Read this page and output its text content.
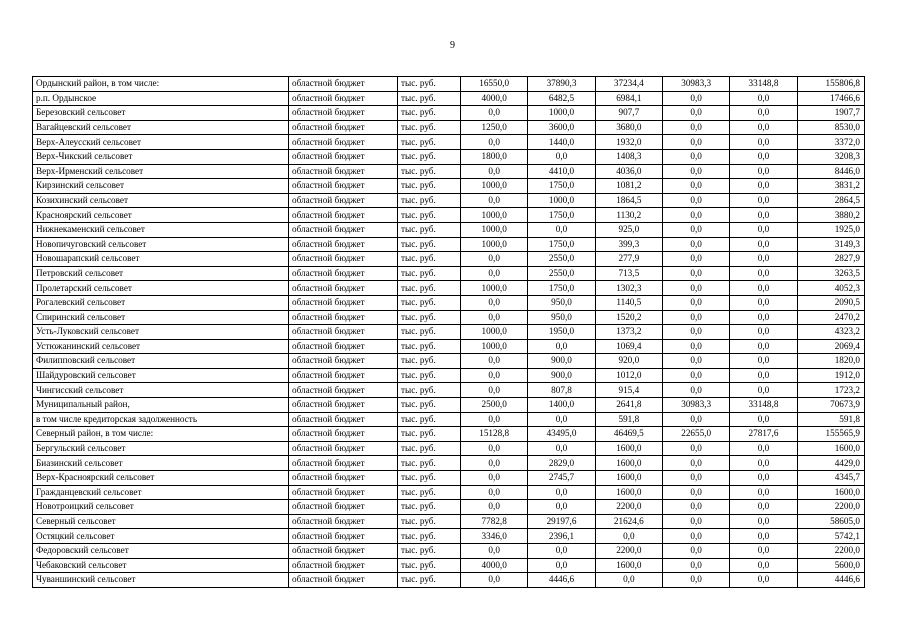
9
Ордынский район, в том числе:	областной бюджет	тыс. руб.	16550,0	37890,3	37234,4	30983,3	33148,8	155806,8
р.п. Ордынское	областной бюджет	тыс. руб.	4000,0	6482,5	6984,1	0,0	0,0	17466,6
Березовский сельсовет	областной бюджет	тыс. руб.	0,0	1000,0	907,7	0,0	0,0	1907,7
Вагайцевский сельсовет	областной бюджет	тыс. руб.	1250,0	3600,0	3680,0	0,0	0,0	8530,0
Верх-Алеусский сельсовет	областной бюджет	тыс. руб.	0,0	1440,0	1932,0	0,0	0,0	3372,0
Верх-Чикский сельсовет	областной бюджет	тыс. руб.	1800,0	0,0	1408,3	0,0	0,0	3208,3
Верх-Ирменский сельсовет	областной бюджет	тыс. руб.	0,0	4410,0	4036,0	0,0	0,0	8446,0
Кирзинский сельсовет	областной бюджет	тыс. руб.	1000,0	1750,0	1081,2	0,0	0,0	3831,2
Козихинский сельсовет	областной бюджет	тыс. руб.	0,0	1000,0	1864,5	0,0	0,0	2864,5
Красноярский сельсовет	областной бюджет	тыс. руб.	1000,0	1750,0	1130,2	0,0	0,0	3880,2
Нижнекаменский сельсовет	областной бюджет	тыс. руб.	1000,0	0,0	925,0	0,0	0,0	1925,0
Новопичуговский сельсовет	областной бюджет	тыс. руб.	1000,0	1750,0	399,3	0,0	0,0	3149,3
Новошарапский сельсовет	областной бюджет	тыс. руб.	0,0	2550,0	277,9	0,0	0,0	2827,9
Петровский сельсовет	областной бюджет	тыс. руб.	0,0	2550,0	713,5	0,0	0,0	3263,5
Пролетарский сельсовет	областной бюджет	тыс. руб.	1000,0	1750,0	1302,3	0,0	0,0	4052,3
Рогалевский сельсовет	областной бюджет	тыс. руб.	0,0	950,0	1140,5	0,0	0,0	2090,5
Спиринский сельсовет	областной бюджет	тыс. руб.	0,0	950,0	1520,2	0,0	0,0	2470,2
Усть-Луковский сельсовет	областной бюджет	тыс. руб.	1000,0	1950,0	1373,2	0,0	0,0	4323,2
Устюжанинский сельсовет	областной бюджет	тыс. руб.	1000,0	0,0	1069,4	0,0	0,0	2069,4
Филипповский сельсовет	областной бюджет	тыс. руб.	0,0	900,0	920,0	0,0	0,0	1820,0
Шайдуровский сельсовет	областной бюджет	тыс. руб.	0,0	900,0	1012,0	0,0	0,0	1912,0
Чингисский сельсовет	областной бюджет	тыс. руб.	0,0	807,8	915,4	0,0	0,0	1723,2
Муниципальный район,	областной бюджет	тыс. руб.	2500,0	1400,0	2641,8	30983,3	33148,8	70673,9
в том числе кредиторская задолженность	областной бюджет	тыс. руб.	0,0	0,0	591,8	0,0	0,0	591,8
Северный район, в том числе:	областной бюджет	тыс. руб.	15128,8	43495,0	46469,5	22655,0	27817,6	155565,9
Бергульский сельсовет	областной бюджет	тыс. руб.	0,0	0,0	1600,0	0,0	0,0	1600,0
Биазинский сельсовет	областной бюджет	тыс. руб.	0,0	2829,0	1600,0	0,0	0,0	4429,0
Верх-Красноярский сельсовет	областной бюджет	тыс. руб.	0,0	2745,7	1600,0	0,0	0,0	4345,7
Гражданцевский сельсовет	областной бюджет	тыс. руб.	0,0	0,0	1600,0	0,0	0,0	1600,0
Новотроицкий сельсовет	областной бюджет	тыс. руб.	0,0	0,0	2200,0	0,0	0,0	2200,0
Северный сельсовет	областной бюджет	тыс. руб.	7782,8	29197,6	21624,6	0,0	0,0	58605,0
Остяцкий сельсовет	областной бюджет	тыс. руб.	3346,0	2396,1	0,0	0,0	0,0	5742,1
Федоровский сельсовет	областной бюджет	тыс. руб.	0,0	0,0	2200,0	0,0	0,0	2200,0
Чебаковский сельсовет	областной бюджет	тыс. руб.	4000,0	0,0	1600,0	0,0	0,0	5600,0
Чуваншинский сельсовет	областной бюджет	тыс. руб.	0,0	4446,6	0,0	0,0	0,0	4446,6
